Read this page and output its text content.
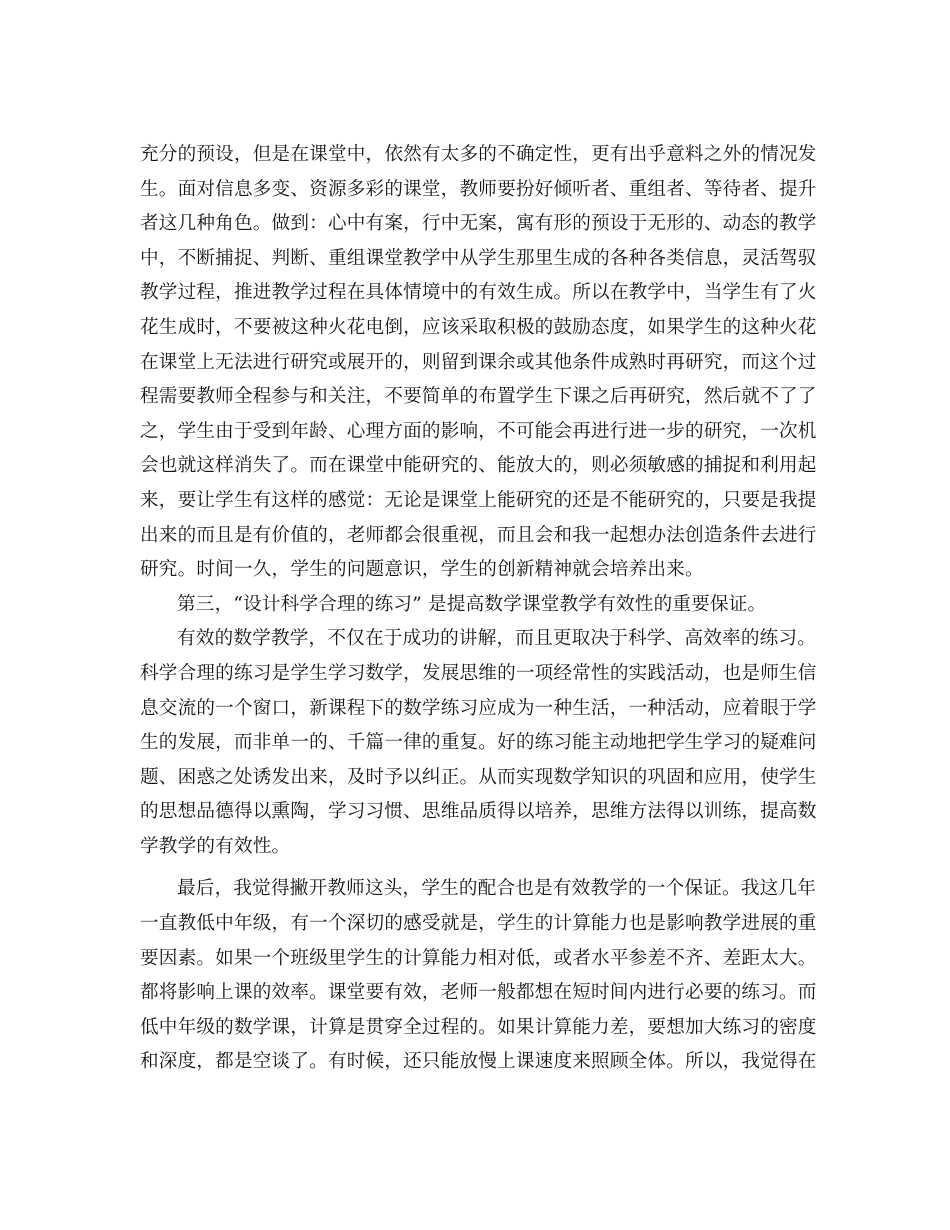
充分的预设，但是在课堂中，依然有太多的不确定性，更有出乎意料之外的情况发
生。面对信息多变、资源多彩的课堂，教师要扮好倾听者、重组者、等待者、提升
者这几种角色。做到：心中有案，行中无案，寓有形的预设于无形的、动态的教学
中，不断捕捉、判断、重组课堂教学中从学生那里生成的各种各类信息，灵活驾驭
教学过程，推进教学过程在具体情境中的有效生成。所以在教学中，当学生有了火
花生成时，不要被这种火花电倒，应该采取积极的鼓励态度，如果学生的这种火花
在课堂上无法进行研究或展开的，则留到课余或其他条件成熟时再研究，而这个过
程需要教师全程参与和关注，不要简单的布置学生下课之后再研究，然后就不了了
之，学生由于受到年龄、心理方面的影响，不可能会再进行进一步的研究，一次机
会也就这样消失了。而在课堂中能研究的、能放大的，则必须敏感的捕捉和利用起
来，要让学生有这样的感觉：无论是课堂上能研究的还是不能研究的，只要是我提
出来的而且是有价值的，老师都会很重视，而且会和我一起想办法创造条件去进行
研究。时间一久，学生的问题意识，学生的创新精神就会培养出来。
第三，“设计科学合理的练习” 是提高数学课堂教学有效性的重要保证。
有效的数学教学，不仅在于成功的讲解，而且更取决于科学、高效率的练习。
科学合理的练习是学生学习数学，发展思维的一项经常性的实践活动，也是师生信
息交流的一个窗口，新课程下的数学练习应成为一种生活，一种活动，应着眼于学
生的发展，而非单一的、千篇一律的重复。好的练习能主动地把学生学习的疑难问
题、困惑之处诱发出来，及时予以纠正。从而实现数学知识的巩固和应用，使学生
的思想品德得以熏陶，学习习惯、思维品质得以培养，思维方法得以训练，提高数
学教学的有效性。
最后，我觉得撇开教师这头，学生的配合也是有效教学的一个保证。我这几年
一直教低中年级，有一个深切的感受就是，学生的计算能力也是影响教学进展的重
要因素。如果一个班级里学生的计算能力相对低，或者水平参差不齐、差距太大。
都将影响上课的效率。课堂要有效，老师一般都想在短时间内进行必要的练习。而
低中年级的数学课，计算是贯穿全过程的。如果计算能力差，要想加大练习的密度
和深度，都是空谈了。有时候，还只能放慢上课速度来照顾全体。所以，我觉得在
